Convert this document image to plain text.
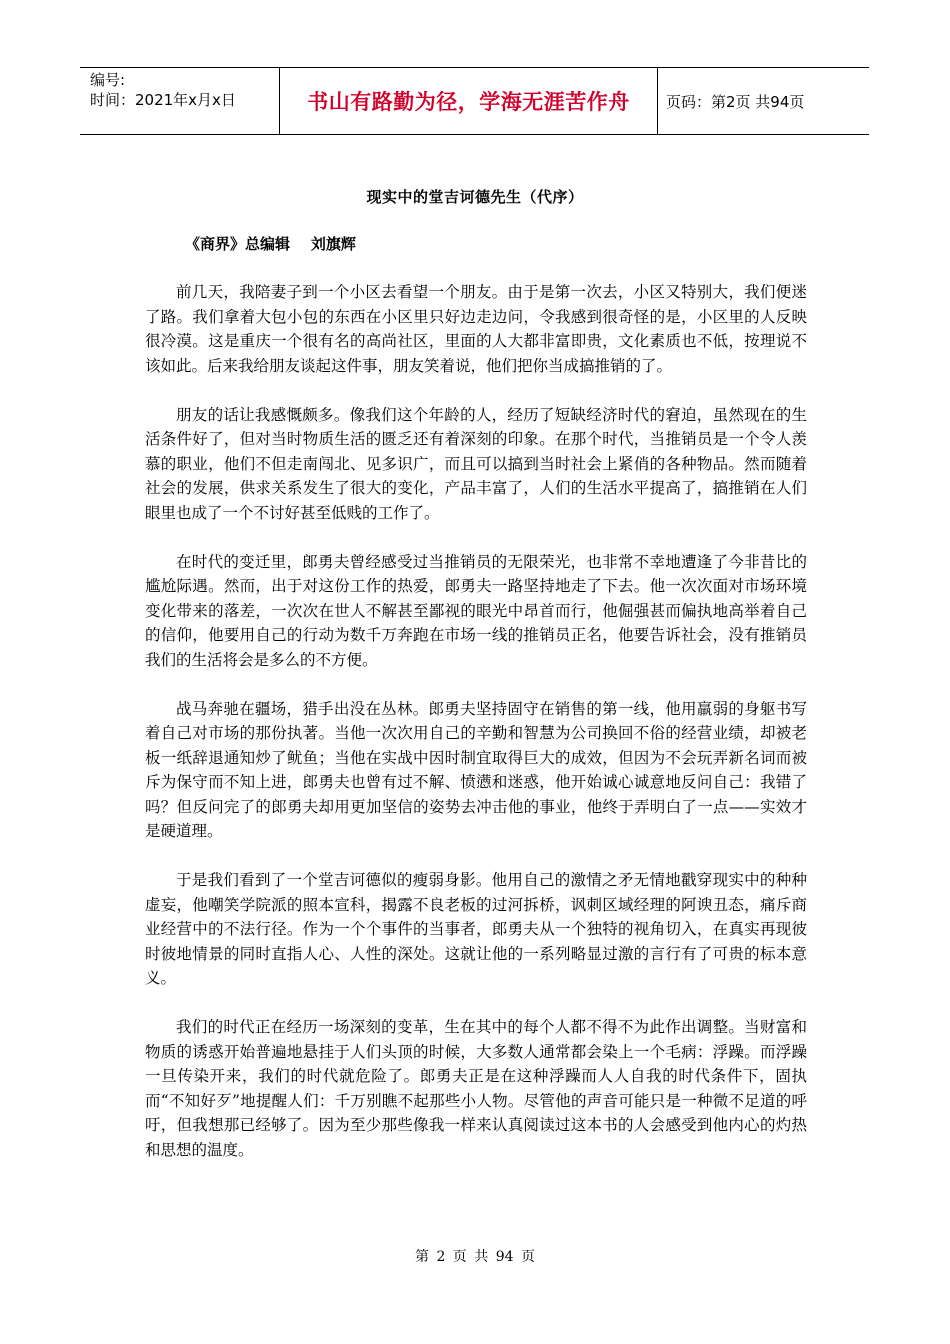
编号:
时间：2021年x月x日	书山有路勤为径，学海无涯苦作舟	页码：第2页 共94页
现实中的堂吉诃德先生（代序）
《商界》总编辑    刘旗辉

前几天，我陪妻子到一个小区去看望一个朋友。由于是第一次去，小区又特别大，我们便迷了路。我们拿着大包小包的东西在小区里只好边走边问，令我感到很奇怪的是，小区里的人反映很冷漠。这是重庆一个很有名的高尚社区，里面的人大都非富即贵，文化素质也不低，按理说不该如此。后来我给朋友谈起这件事，朋友笑着说，他们把你当成搞推销的了。

朋友的话让我感慨颇多。像我们这个年龄的人，经历了短缺经济时代的窘迫，虽然现在的生活条件好了，但对当时物质生活的匮乏还有着深刻的印象。在那个时代，当推销员是一个令人羡慕的职业，他们不但走南闯北、见多识广，而且可以搞到当时社会上紧俏的各种物品。然而随着社会的发展，供求关系发生了很大的变化，产品丰富了，人们的生活水平提高了，搞推销在人们眼里也成了一个不讨好甚至低贱的工作了。

在时代的变迁里，郎勇夫曾经感受过当推销员的无限荣光，也非常不幸地遭逢了今非昔比的尴尬际遇。然而，出于对这份工作的热爱，郎勇夫一路坚持地走了下去。他一次次面对市场环境变化带来的落差，一次次在世人不解甚至鄙视的眼光中昂首而行，他倔强甚而偏执地高举着自己的信仰，他要用自己的行动为数千万奔跑在市场一线的推销员正名，他要告诉社会，没有推销员我们的生活将会是多么的不方便。

战马奔驰在疆场，猎手出没在丛林。郎勇夫坚持固守在销售的第一线，他用羸弱的身躯书写着自己对市场的那份执著。当他一次次用自己的辛勤和智慧为公司换回不俗的经营业绩，却被老板一纸辞退通知炒了鱿鱼；当他在实战中因时制宜取得巨大的成效，但因为不会玩弄新名词而被斥为保守而不知上进，郎勇夫也曾有过不解、愤懑和迷惑，他开始诚心诚意地反问自己：我错了吗？但反问完了的郎勇夫却用更加坚信的姿势去冲击他的事业，他终于弄明白了一点——实效才是硬道理。

于是我们看到了一个堂吉诃德似的瘦弱身影。他用自己的激情之矛无情地戳穿现实中的种种虚妄，他嘲笑学院派的照本宣科，揭露不良老板的过河拆桥，讽刺区域经理的阿谀丑态，痛斥商业经营中的不法行径。作为一个个事件的当事者，郎勇夫从一个独特的视角切入，在真实再现彼时彼地情景的同时直指人心、人性的深处。这就让他的一系列略显过激的言行有了可贵的标本意义。

我们的时代正在经历一场深刻的变革，生在其中的每个人都不得不为此作出调整。当财富和物质的诱惑开始普遍地悬挂于人们头顶的时候，大多数人通常都会染上一个毛病：浮躁。而浮躁一旦传染开来，我们的时代就危险了。郎勇夫正是在这种浮躁而人人自我的时代条件下，固执而“不知好歹”地提醒人们：千万别瞧不起那些小人物。尽管他的声音可能只是一种微不足道的呼吁，但我想那已经够了。因为至少那些像我一样来认真阅读过这本书的人会感受到他内心的灼热和思想的温度。

第 2 页 共 94 页
